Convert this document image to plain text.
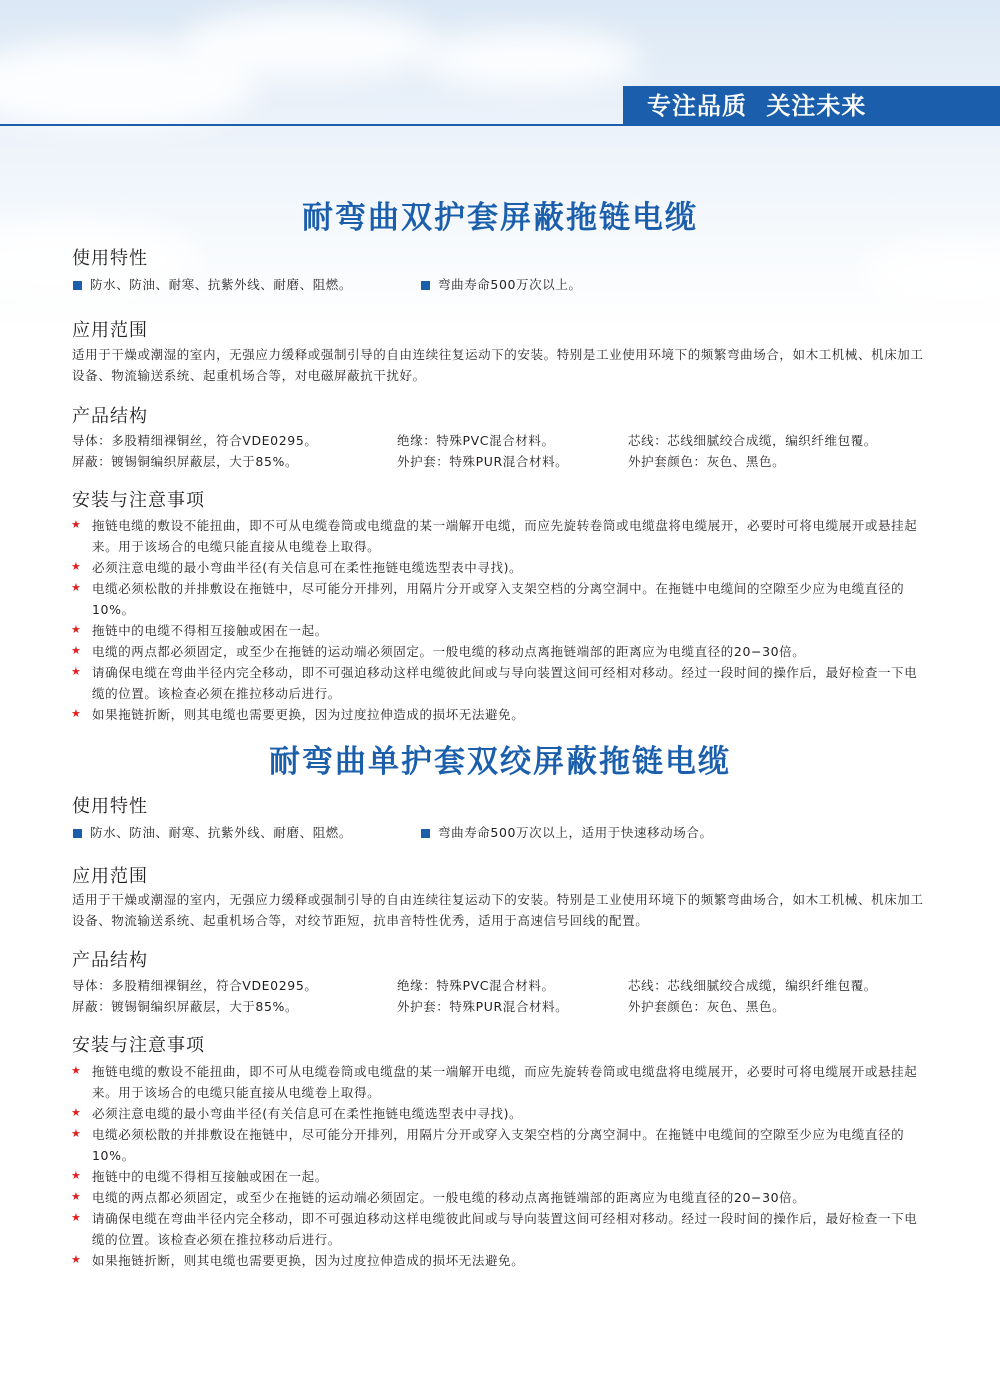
专注品质 关注未来
耐弯曲双护套屏蔽拖链电缆
使用特性
防水、防油、耐寒、抗紫外线、耐磨、阻燃。	弯曲寿命500万次以上。
应用范围
适用于干燥或潮湿的室内，无强应力缓释或强制引导的自由连续往复运动下的安装。特别是工业使用环境下的频繁弯曲场合，如木工机械、机床加工设备、物流输送系统、起重机场合等，对电磁屏蔽抗干扰好。
产品结构
导体：多股精细裸铜丝，符合VDE0295。	绝缘：特殊PVC混合材料。	芯线：芯线细腻绞合成缆，编织纤维包覆。
屏蔽：镀锡铜编织屏蔽层，大于85%。	外护套：特殊PUR混合材料。	外护套颜色：灰色、黑色。
安装与注意事项
★ 拖链电缆的敷设不能扭曲，即不可从电缆卷筒或电缆盘的某一端解开电缆，而应先旋转卷筒或电缆盘将电缆展开，必要时可将电缆展开或悬挂起来。用于该场合的电缆只能直接从电缆卷上取得。
★ 必须注意电缆的最小弯曲半径(有关信息可在柔性拖链电缆选型表中寻找)。
★ 电缆必须松散的并排敷设在拖链中，尽可能分开排列，用隔片分开或穿入支架空档的分离空洞中。在拖链中电缆间的空隙至少应为电缆直径的10%。
★ 拖链中的电缆不得相互接触或困在一起。
★ 电缆的两点都必须固定，或至少在拖链的运动端必须固定。一般电缆的移动点离拖链端部的距离应为电缆直径的20−30倍。
★ 请确保电缆在弯曲半径内完全移动，即不可强迫移动这样电缆彼此间或与导向装置这间可经相对移动。经过一段时间的操作后，最好检查一下电缆的位置。该检查必须在推拉移动后进行。
★ 如果拖链折断，则其电缆也需要更换，因为过度拉伸造成的损坏无法避免。
耐弯曲单护套双绞屏蔽拖链电缆
使用特性
防水、防油、耐寒、抗紫外线、耐磨、阻燃。	弯曲寿命500万次以上，适用于快速移动场合。
应用范围
适用于干燥或潮湿的室内，无强应力缓释或强制引导的自由连续往复运动下的安装。特别是工业使用环境下的频繁弯曲场合，如木工机械、机床加工设备、物流输送系统、起重机场合等，对绞节距短，抗串音特性优秀，适用于高速信号回线的配置。
产品结构
导体：多股精细裸铜丝，符合VDE0295。	绝缘：特殊PVC混合材料。	芯线：芯线细腻绞合成缆，编织纤维包覆。
屏蔽：镀锡铜编织屏蔽层，大于85%。	外护套：特殊PUR混合材料。	外护套颜色：灰色、黑色。
安装与注意事项
★ 拖链电缆的敷设不能扭曲，即不可从电缆卷筒或电缆盘的某一端解开电缆，而应先旋转卷筒或电缆盘将电缆展开，必要时可将电缆展开或悬挂起来。用于该场合的电缆只能直接从电缆卷上取得。
★ 必须注意电缆的最小弯曲半径(有关信息可在柔性拖链电缆选型表中寻找)。
★ 电缆必须松散的并排敷设在拖链中，尽可能分开排列，用隔片分开或穿入支架空档的分离空洞中。在拖链中电缆间的空隙至少应为电缆直径的10%。
★ 拖链中的电缆不得相互接触或困在一起。
★ 电缆的两点都必须固定，或至少在拖链的运动端必须固定。一般电缆的移动点离拖链端部的距离应为电缆直径的20−30倍。
★ 请确保电缆在弯曲半径内完全移动，即不可强迫移动这样电缆彼此间或与导向装置这间可经相对移动。经过一段时间的操作后，最好检查一下电缆的位置。该检查必须在推拉移动后进行。
★ 如果拖链折断，则其电缆也需要更换，因为过度拉伸造成的损坏无法避免。
